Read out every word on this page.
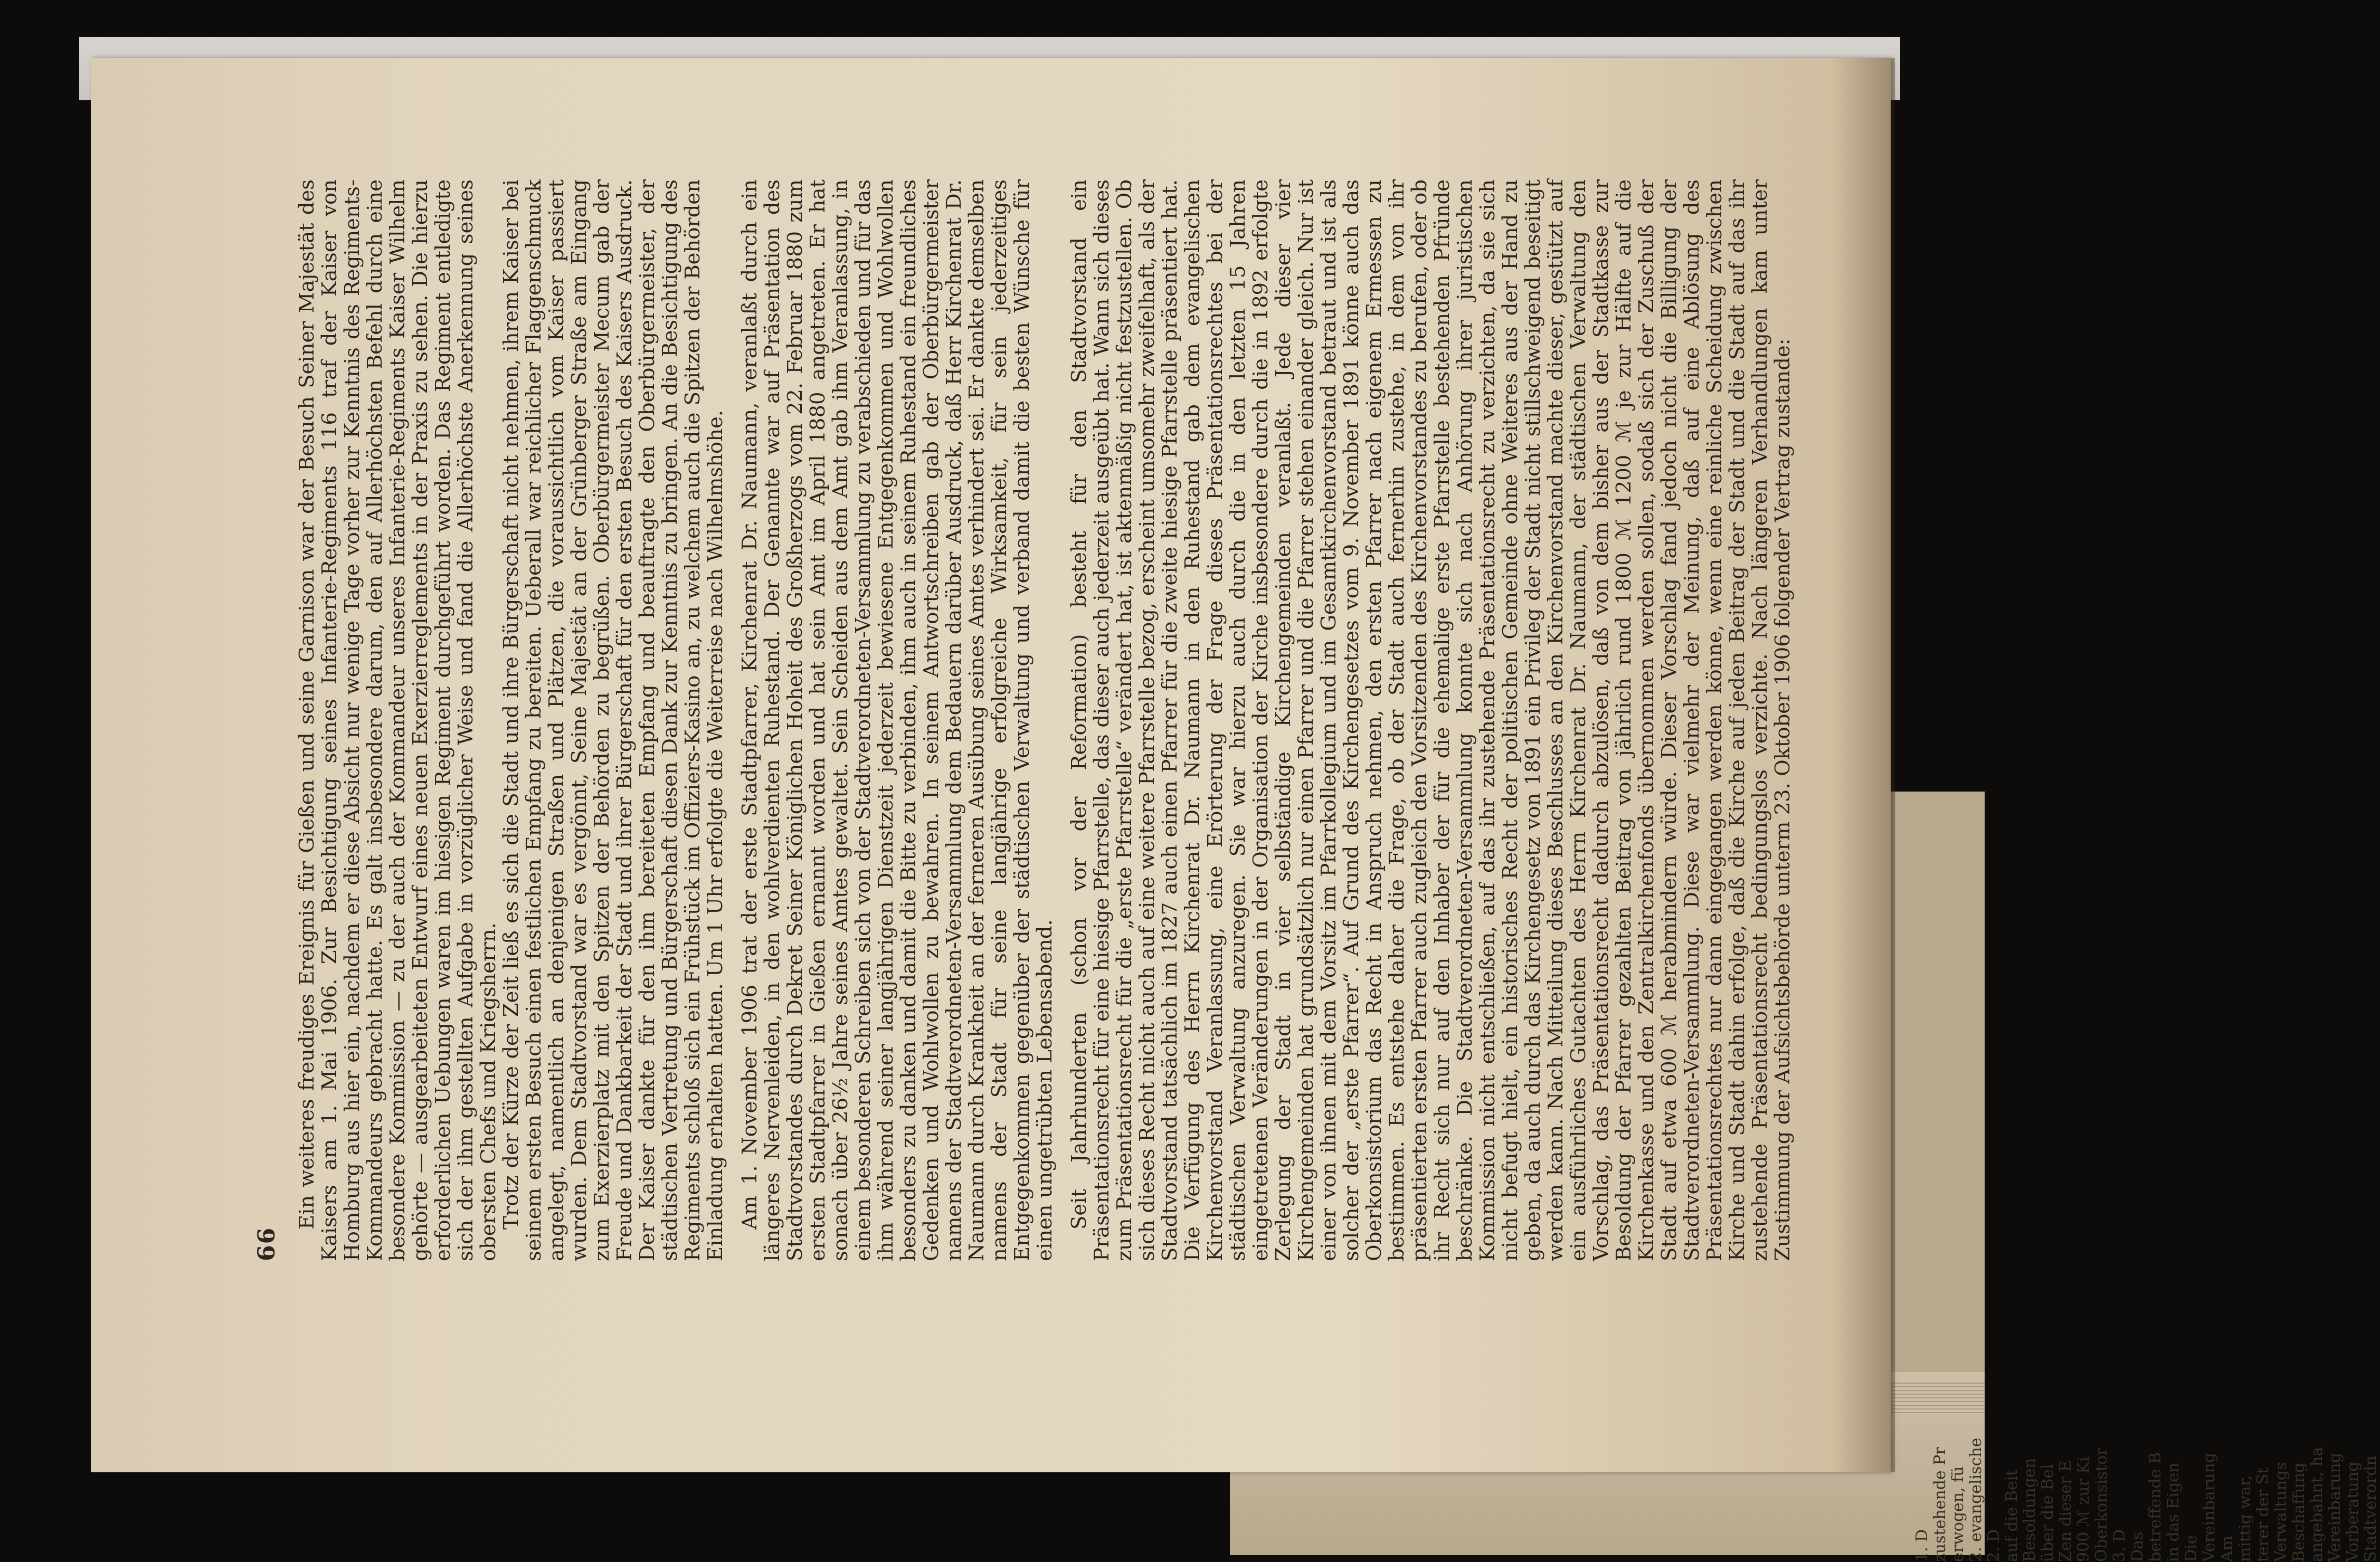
66

Ein weiteres freudiges Ereignis für Gießen und seine Garnison war der Besuch Seiner Majestät des Kaisers am 1. Mai 1906. Zur Besichtigung seines Infanterie-Regiments 116 traf der Kaiser von Homburg aus hier ein, nachdem er diese Absicht nur wenige Tage vorher zur Kenntnis des Regiments-Kommandeurs gebracht hatte. Es galt insbesondere darum, den auf Allerhöchsten Befehl durch eine besondere Kommission — zu der auch der Kommandeur unseres Infanterie-Regiments Kaiser Wilhelm gehörte — ausgearbeiteten Entwurf eines neuen Exerzierreglements in der Praxis zu sehen. Die hierzu erforderlichen Uebungen waren im hiesigen Regiment durchgeführt worden. Das Regiment entledigte sich der ihm gestellten Aufgabe in vorzüglicher Weise und fand die Allerhöchste Anerkennung seines obersten Chefs und Kriegsherrn.

Trotz der Kürze der Zeit ließ es sich die Stadt und ihre Bürgerschaft nicht nehmen, ihrem Kaiser bei seinem ersten Besuch einen festlichen Empfang zu bereiten. Ueberall war reichlicher Flaggenschmuck angelegt, namentlich an denjenigen Straßen und Plätzen, die voraussichtlich vom Kaiser passiert wurden. Dem Stadtvorstand war es vergönnt, Seine Majestät an der Grünberger Straße am Eingang zum Exerzierplatz mit den Spitzen der Behörden zu begrüßen. Oberbürgermeister Mecum gab der Freude und Dankbarkeit der Stadt und ihrer Bürgerschaft für den ersten Besuch des Kaisers Ausdruck. Der Kaiser dankte für den ihm bereiteten Empfang und beauftragte den Oberbürgermeister, der städtischen Vertretung und Bürgerschaft diesen Dank zur Kenntnis zu bringen. An die Besichtigung des Regiments schloß sich ein Frühstück im Offiziers-Kasino an, zu welchem auch die Spitzen der Behörden Einladung erhalten hatten. Um 1 Uhr erfolgte die Weiterreise nach Wilhelmshöhe. Am 1. November 1906 trat der erste Stadtpfarrer, Kirchenrat Dr. Naumann, veranlaßt durch ein längeres Nervenleiden, in den wohlverdienten Ruhestand. Der Genannte war auf Präsentation des Stadtvorstandes durch Dekret Seiner Königlichen Hoheit des Großherzogs vom 22. Februar 1880 zum ersten Stadtpfarrer in Gießen ernannt worden und hat sein Amt im April 1880 angetreten. Er hat sonach über 26½ Jahre seines Amtes gewaltet. Sein Scheiden aus dem Amt gab ihm Veranlassung, in einem besonderen Schreiben sich von der Stadtverordneten-Versammlung zu verabschieden und für das ihm während seiner langjährigen Dienstzeit jederzeit bewiesene Entgegenkommen und Wohlwollen besonders zu danken und damit die Bitte zu verbinden, ihm auch in seinem Ruhestand ein freundliches Gedenken und Wohlwollen zu bewahren. In seinem Antwortschreiben gab der Oberbürgermeister namens der Stadtverordneten-Versammlung dem Bedauern darüber Ausdruck, daß Herr Kirchenrat Dr. Naumann durch Krankheit an der ferneren Ausübung seines Amtes verhindert sei. Er dankte demselben namens der Stadt für seine langjährige erfolgreiche Wirksamkeit, für sein jederzeitiges Entgegenkommen gegenüber der städtischen Verwaltung und verband damit die besten Wünsche für einen ungetrübten Lebensabend. Seit Jahrhunderten (schon vor der Reformation) besteht für den Stadtvorstand ein Präsentationsrecht für eine hiesige Pfarrstelle, das dieser auch jederzeit ausgeübt hat. Wann sich dieses zum Präsentationsrecht für die „erste Pfarrstelle“ verändert hat, ist aktenmäßig nicht festzustellen. Ob sich dieses Recht nicht auch auf eine weitere Pfarrstelle bezog, erscheint umsomehr zweifelhaft, als der Stadtvorstand tatsächlich im 1827 auch einen Pfarrer für die zweite hiesige Pfarrstelle präsentiert hat. Die Verfügung des Herrn Kirchenrat Dr. Naumann in den Ruhestand gab dem evangelischen Kirchenvorstand Veranlassung, eine Erörterung der Frage dieses Präsentationsrechtes bei der städtischen Verwaltung anzuregen. Sie war hierzu auch durch die in den letzten 15 Jahren eingetretenen Veränderungen in der Organisation der Kirche insbesondere durch die in 1892 erfolgte Zerlegung der Stadt in vier selbständige Kirchengemeinden veranlaßt. Jede dieser vier Kirchengemeinden hat grundsätzlich nur einen Pfarrer und die Pfarrer stehen einander gleich. Nur ist einer von ihnen mit dem Vorsitz im Pfarrkollegium und im Gesamtkirchenvorstand betraut und ist als solcher der „erste Pfarrer“. Auf Grund des Kirchengesetzes vom 9. November 1891 könne auch das Oberkonsistorium das Recht in Anspruch nehmen, den ersten Pfarrer nach eigenem Ermessen zu bestimmen. Es entstehe daher die Frage, ob der Stadt auch fernerhin zustehe, in dem von ihr präsentierten ersten Pfarrer auch zugleich den Vorsitzenden des Kirchenvorstandes zu berufen, oder ob ihr Recht sich nur auf den Inhaber der für die ehemalige erste Pfarrstelle bestehenden Pfründe beschränke. Die Stadtverordneten-Versammlung konnte sich nach Anhörung ihrer juristischen Kommission nicht entschließen, auf das ihr zustehende Präsentationsrecht zu verzichten, da sie sich nicht befugt hielt, ein historisches Recht der politischen Gemeinde ohne Weiteres aus der Hand zu geben, da auch durch das Kirchengesetz von 1891 ein Privileg der Stadt nicht stillschweigend beseitigt werden kann. Nach Mitteilung dieses Beschlusses an den Kirchenvorstand machte dieser, gestützt auf ein ausführliches Gutachten des Herrn Kirchenrat Dr. Naumann, der städtischen Verwaltung den Vorschlag, das Präsentationsrecht dadurch abzulösen, daß von dem bisher aus der Stadtkasse zur Besoldung der Pfarrer gezahlten Beitrag von jährlich rund 1800 ℳ 1200 ℳ je zur Hälfte auf die Kirchenkasse und den Zentralkirchenfonds übernommen werden sollen, sodaß sich der Zuschuß der Stadt auf etwa 600 ℳ herabmindern würde. Dieser Vorschlag fand jedoch nicht die Billigung der Stadtverordneten-Versammlung. Diese war vielmehr der Meinung, daß auf eine Ablösung des Präsentationsrechtes nur dann eingegangen werden könne, wenn eine reinliche Scheidung zwischen Kirche und Stadt dahin erfolge, daß die Kirche auf jeden Beitrag der Stadt und die Stadt auf das ihr zustehende Präsentationsrecht bedingungslos verzichte. Nach längeren Verhandlungen kam unter Zustimmung der Aufsichtsbehörde unterm 23. Oktober 1906 folgender Vertrag zustande:

1. D zustehende Pr erwogen, fü 2. evangelische 2. D auf die Beit Besoldungen über die Bel Zen dieser E 900 ℳ zur Ki Oberkonsistor 3. D Das betreffende B in das Eigen Die Vereinbarung Am mittig war, terer der St Verwaltungs Beschaffung angebahnt, ha Vereinbarung Vorberatung Stadtverordn
